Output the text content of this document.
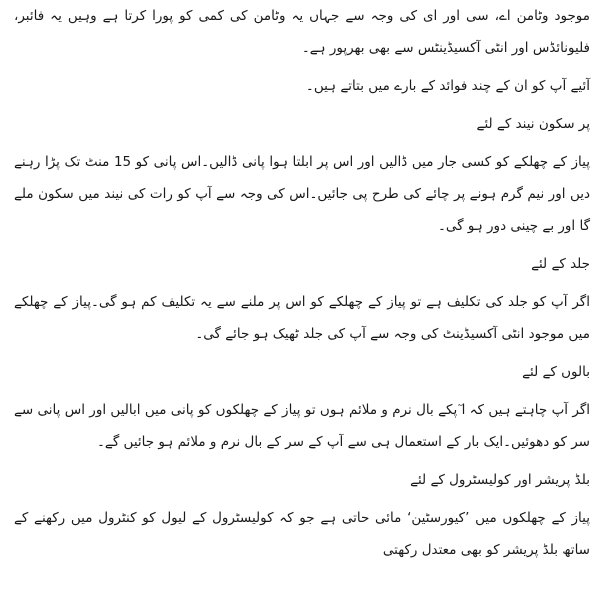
موجود وٹامن اے، سی اور ای کی وجہ سے جہاں یہ وٹامن کی کمی کو پورا کرتا ہے وہیں یہ فائبر، فلیونائڈس اور انٹی آکسیڈینٹس سے بھی بھرپور ہے۔

آئیے آپ کو ان کے چند فوائد کے بارے میں بتاتے ہیں۔

پر سکون نیند کے لئے

پیاز کے چھلکے کو کسی جار میں ڈالیں اور اس پر ابلتا ہوا پانی ڈالیں۔اس پانی کو 15 منٹ تک پڑا رہنے دیں اور نیم گرم ہونے پر چائے کی طرح پی جائیں۔اس کی وجہ سے آپ کو رات کی نیند میں سکون ملے گا اور بے چینی دور ہو گی۔

جلد کے لئے

اگر آپ کو جلد کی تکلیف ہے تو پیاز کے چھلکے کو اس پر ملنے سے یہ تکلیف کم ہو گی۔پیاز کے چھلکے میں موجود انٹی آکسیڈینٹ کی وجہ سے آپ کی جلد ٹھیک ہو جائے گی۔

بالوں کے لئے

اگر آپ چاہتے ہیں کہ ا ٓپکے بال نرم و ملائم ہوں تو پیاز کے چھلکوں کو پانی میں ابالیں اور اس پانی سے سر کو دھوئیں۔ایک بار کے استعمال ہی سے آپ کے سر کے بال نرم و ملائم ہو جائیں گے۔

بلڈ پریشر اور کولیسٹرول کے لئے

پیاز کے چھلکوں میں ’کیورسٹین‘ مائی حاتی ہے جو کہ کولیسٹرول کے لیول کو کنٹرول میں رکھنے کے ساتھ بلڈ پریشر کو بھی معتدل رکھتی
